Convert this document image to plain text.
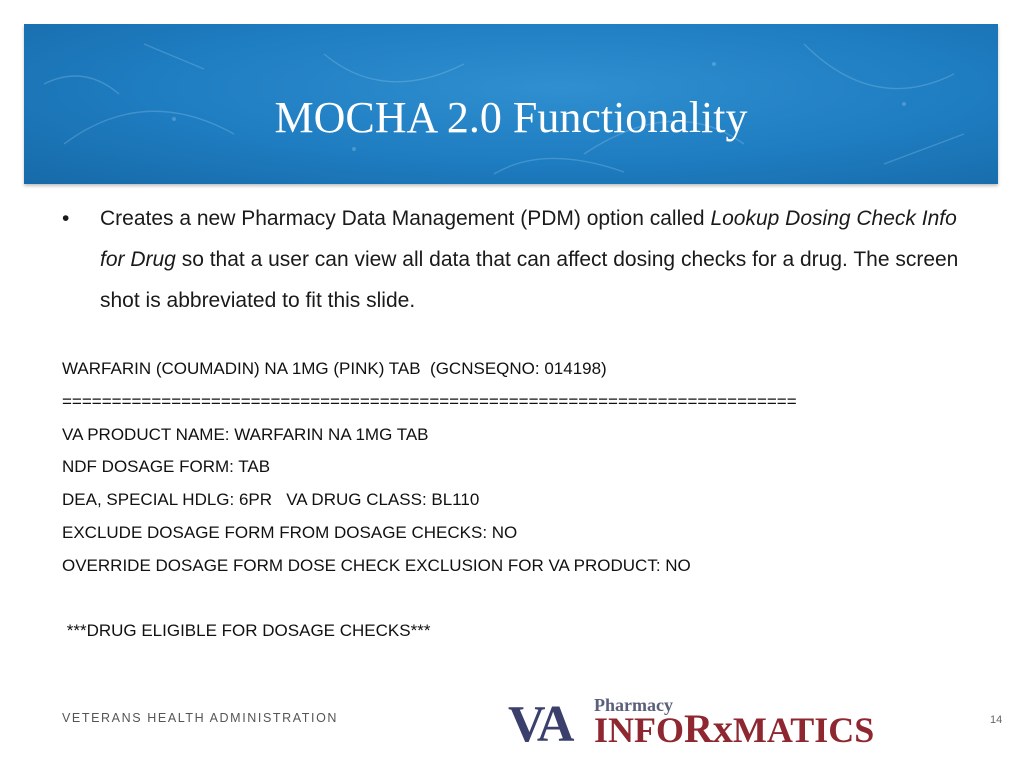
MOCHA 2.0 Functionality
• Creates a new Pharmacy Data Management (PDM) option called Lookup Dosing Check Info for Drug so that a user can view all data that can affect dosing checks for a drug. The screen shot is abbreviated to fit this slide.
WARFARIN (COUMADIN) NA 1MG (PINK) TAB  (GCNSEQNO: 014198)
==========================================================================
VA PRODUCT NAME: WARFARIN NA 1MG TAB
NDF DOSAGE FORM: TAB
DEA, SPECIAL HDLG: 6PR   VA DRUG CLASS: BL110
EXCLUDE DOSAGE FORM FROM DOSAGE CHECKS: NO
OVERRIDE DOSAGE FORM DOSE CHECK EXCLUSION FOR VA PRODUCT: NO
***DRUG ELIGIBLE FOR DOSAGE CHECKS***
VETERANS HEALTH ADMINISTRATION	VA Pharmacy
INFORxMATICS	14
